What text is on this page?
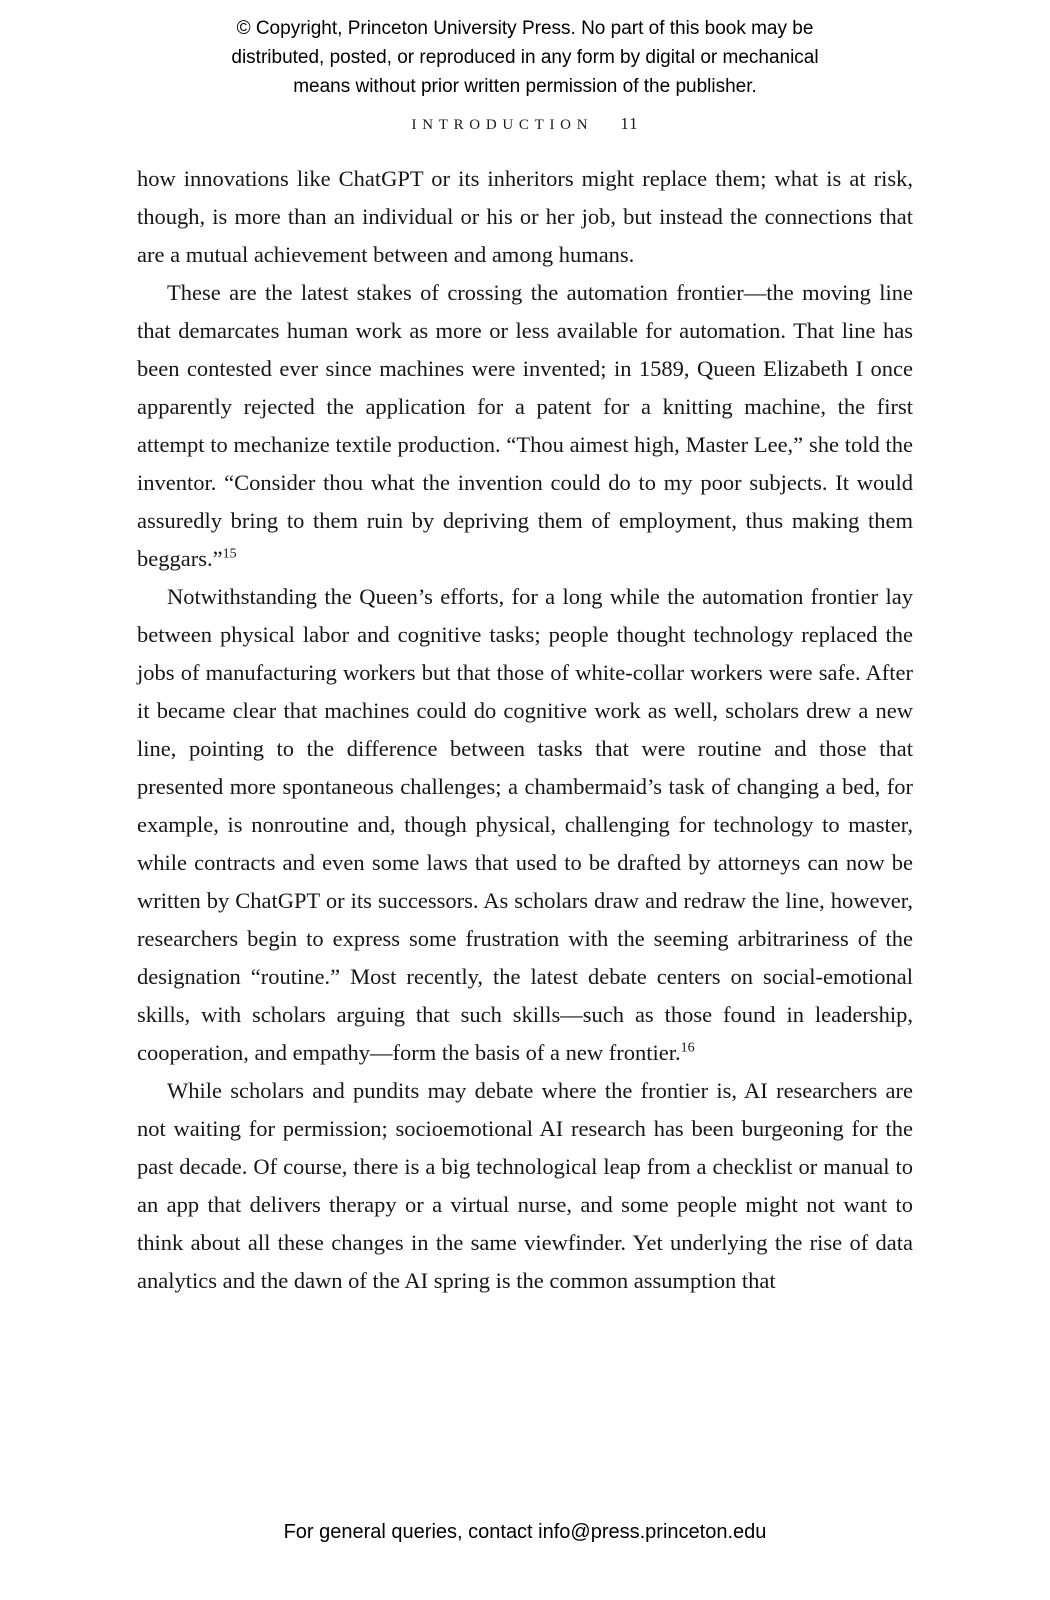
© Copyright, Princeton University Press. No part of this book may be
distributed, posted, or reproduced in any form by digital or mechanical
means without prior written permission of the publisher.
INTRODUCTION 11

how innovations like ChatGPT or its inheritors might replace them; what is at risk, though, is more than an individual or his or her job, but instead the connections that are a mutual achievement between and among humans.

These are the latest stakes of crossing the automation frontier—the moving line that demarcates human work as more or less available for automation. That line has been contested ever since machines were invented; in 1589, Queen Elizabeth I once apparently rejected the application for a patent for a knitting machine, the first attempt to mechanize textile production. “Thou aimest high, Master Lee,” she told the inventor. “Consider thou what the invention could do to my poor subjects. It would assuredly bring to them ruin by depriving them of employment, thus making them beggars.”$^{15}$

Notwithstanding the Queen’s efforts, for a long while the automation frontier lay between physical labor and cognitive tasks; people thought technology replaced the jobs of manufacturing workers but that those of white-collar workers were safe. After it became clear that machines could do cognitive work as well, scholars drew a new line, pointing to the difference between tasks that were routine and those that presented more spontaneous challenges; a chambermaid’s task of changing a bed, for example, is nonroutine and, though physical, challenging for technology to master, while contracts and even some laws that used to be drafted by attorneys can now be written by ChatGPT or its successors. As scholars draw and redraw the line, however, researchers begin to express some frustration with the seeming arbitrariness of the designation “routine.” Most recently, the latest debate centers on social-emotional skills, with scholars arguing that such skills—such as those found in leadership, cooperation, and empathy—form the basis of a new frontier.$^{16}$

While scholars and pundits may debate where the frontier is, AI researchers are not waiting for permission; socioemotional AI research has been burgeoning for the past decade. Of course, there is a big technological leap from a checklist or manual to an app that delivers therapy or a virtual nurse, and some people might not want to think about all these changes in the same viewfinder. Yet underlying the rise of data analytics and the dawn of the AI spring is the common assumption that

For general queries, contact info@press.princeton.edu
